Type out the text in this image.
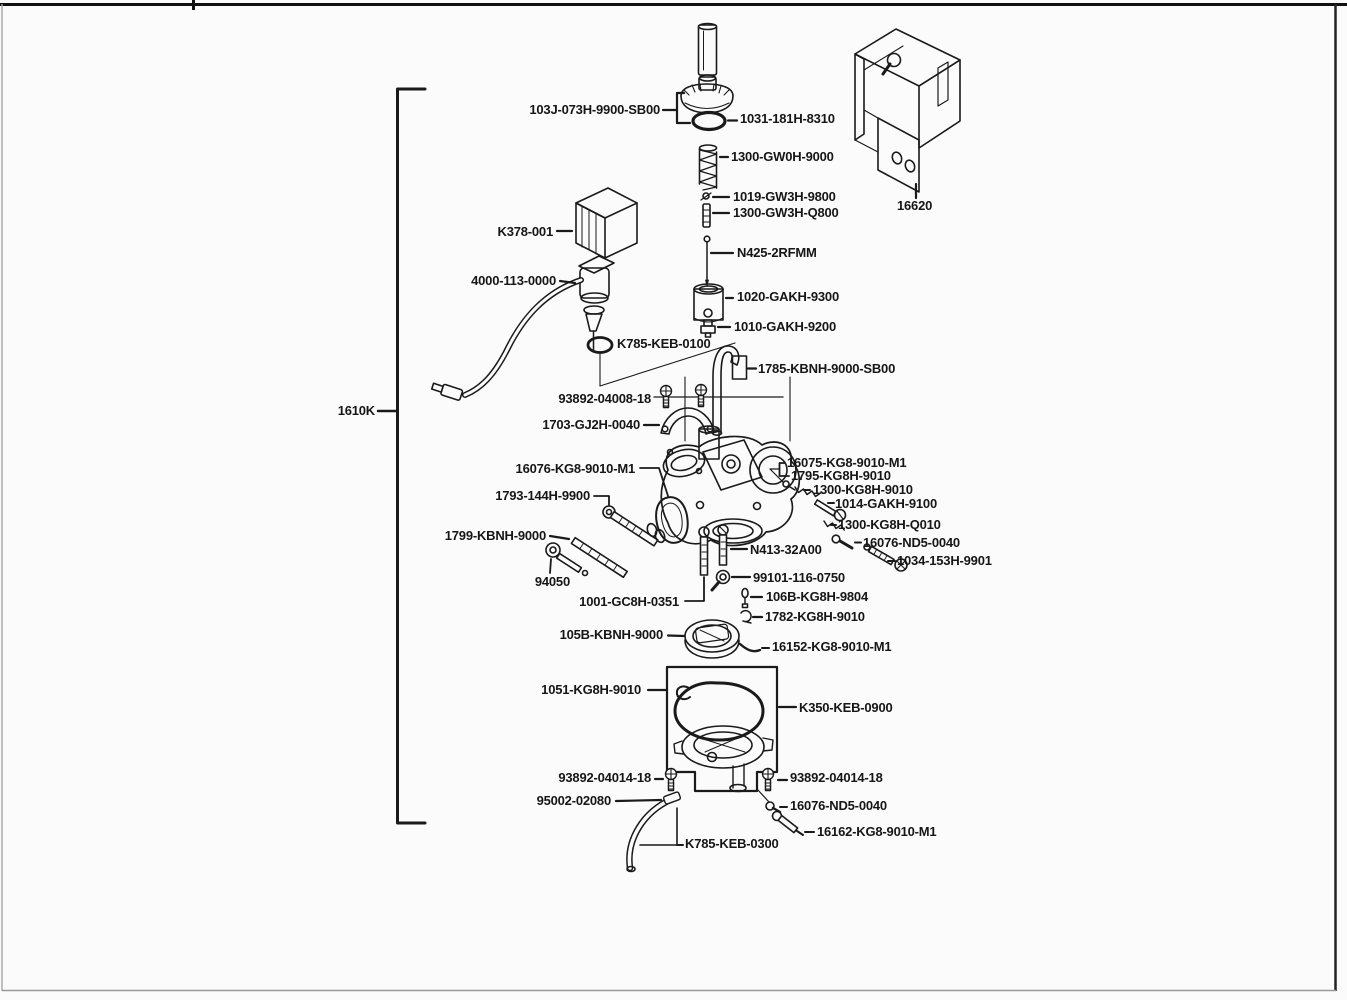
103J-073H-9900-SB00
1031-181H-8310
1300-GW0H-9000
1019-GW3H-9800
1300-GW3H-Q800
N425-2RFMM
1020-GAKH-9300
1010-GAKH-9200
16620
K378-001
4000-113-0000
K785-KEB-0100
1785-KBNH-9000-SB00
93892-04008-18
1703-GJ2H-0040
16076-KG8-9010-M1	16075-KG8-9010-M1
1795-KG8H-9010
1300-KG8H-9010
1014-GAKH-9100
1300-KG8H-Q010
16076-ND5-0040
1034-153H-9901
1793-144H-9900
1799-KBNH-9000
94050
N413-32A00
99101-116-0750
1001-GC8H-0351	106B-KG8H-9804
1782-KG8H-9010
105B-KBNH-9000
16152-KG8-9010-M1
1051-KG8H-9010
K350-KEB-0900
93892-04014-18	93892-04014-18
95002-02080	16076-ND5-0040
16162-KG8-9010-M1
K785-KEB-0300
1610K
